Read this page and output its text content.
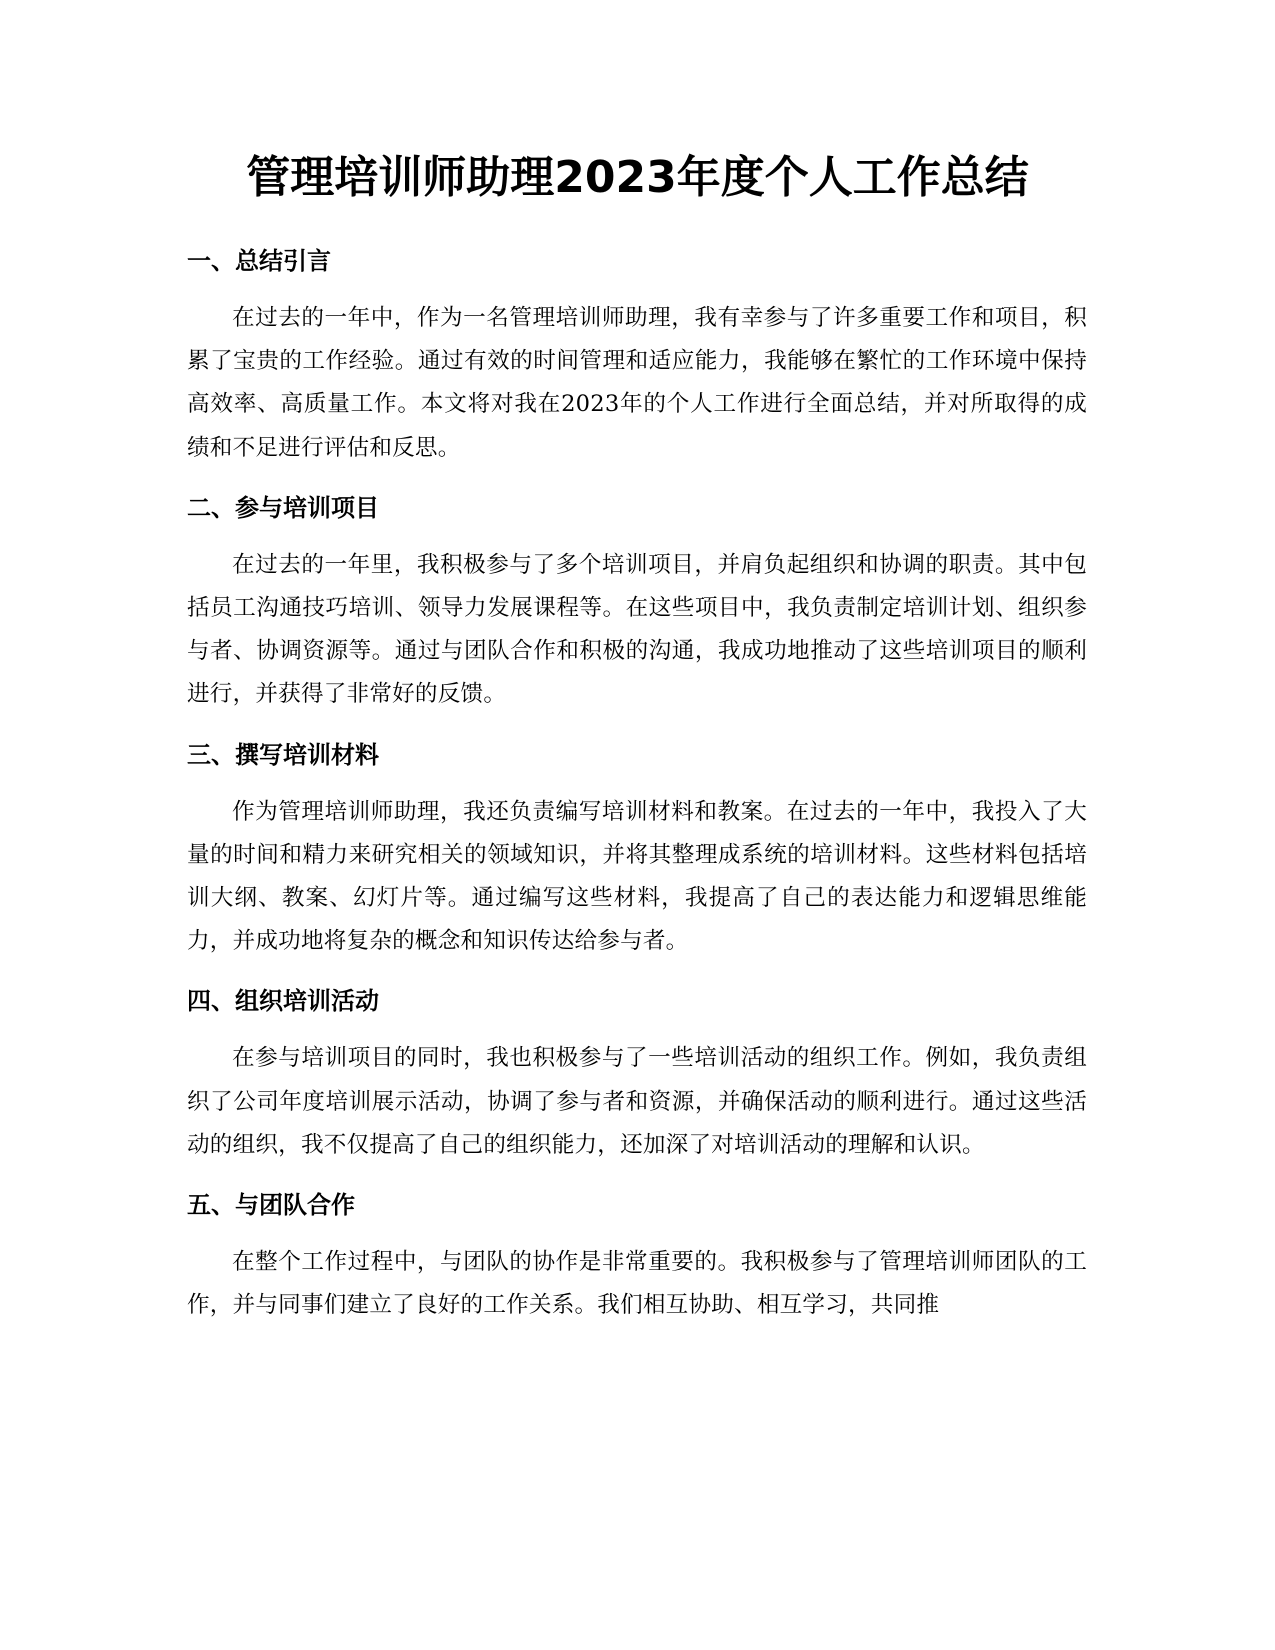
管理培训师助理2023年度个人工作总结
一、总结引言

在过去的一年中，作为一名管理培训师助理，我有幸参与了许多重要工作和项目，积累了宝贵的工作经验。通过有效的时间管理和适应能力，我能够在繁忙的工作环境中保持高效率、高质量工作。本文将对我在2023年的个人工作进行全面总结，并对所取得的成绩和不足进行评估和反思。

二、参与培训项目

在过去的一年里，我积极参与了多个培训项目，并肩负起组织和协调的职责。其中包括员工沟通技巧培训、领导力发展课程等。在这些项目中，我负责制定培训计划、组织参与者、协调资源等。通过与团队合作和积极的沟通，我成功地推动了这些培训项目的顺利进行，并获得了非常好的反馈。

三、撰写培训材料

作为管理培训师助理，我还负责编写培训材料和教案。在过去的一年中，我投入了大量的时间和精力来研究相关的领域知识，并将其整理成系统的培训材料。这些材料包括培训大纲、教案、幻灯片等。通过编写这些材料，我提高了自己的表达能力和逻辑思维能力，并成功地将复杂的概念和知识传达给参与者。

四、组织培训活动

在参与培训项目的同时，我也积极参与了一些培训活动的组织工作。例如，我负责组织了公司年度培训展示活动，协调了参与者和资源，并确保活动的顺利进行。通过这些活动的组织，我不仅提高了自己的组织能力，还加深了对培训活动的理解和认识。

五、与团队合作

在整个工作过程中，与团队的协作是非常重要的。我积极参与了管理培训师团队的工作，并与同事们建立了良好的工作关系。我们相互协助、相互学习，共同推
